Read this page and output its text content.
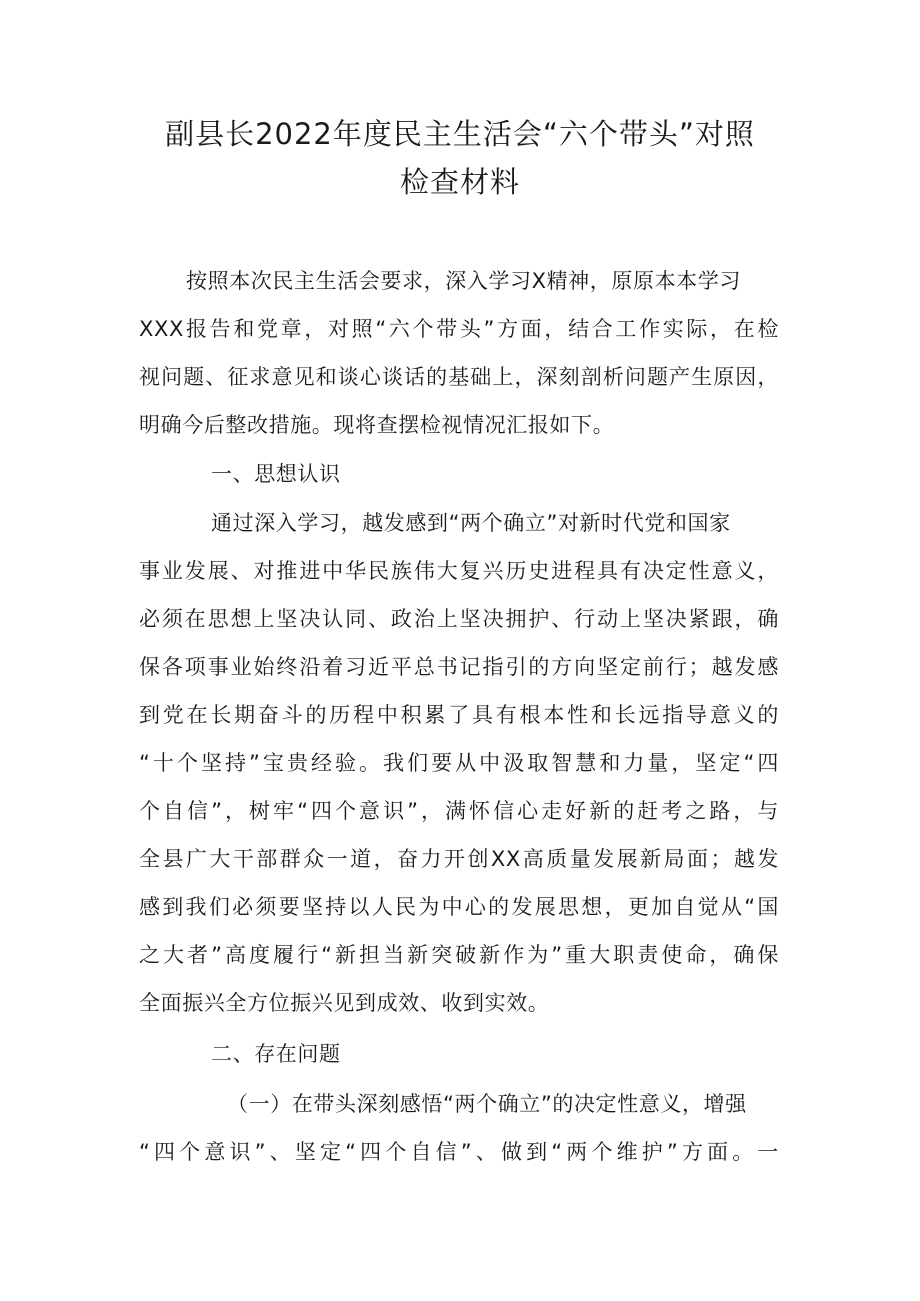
副县长2022年度民主生活会“六个带头”对照
检查材料
按照本次民主生活会要求，深入学习X精神，原原本本学习
XXX报告和党章，对照“六个带头”方面，结合工作实际，在检
视问题、征求意见和谈心谈话的基础上，深刻剖析问题产生原因，
明确今后整改措施。现将查摆检视情况汇报如下。
一、思想认识
通过深入学习，越发感到“两个确立”对新时代党和国家
事业发展、对推进中华民族伟大复兴历史进程具有决定性意义，
必须在思想上坚决认同、政治上坚决拥护、行动上坚决紧跟，确
保各项事业始终沿着习近平总书记指引的方向坚定前行；越发感
到党在长期奋斗的历程中积累了具有根本性和长远指导意义的
“十个坚持”宝贵经验。我们要从中汲取智慧和力量，坚定“四
个自信”，树牢“四个意识”，满怀信心走好新的赶考之路，与
全县广大干部群众一道，奋力开创XX高质量发展新局面；越发
感到我们必须要坚持以人民为中心的发展思想，更加自觉从“国
之大者”高度履行“新担当新突破新作为”重大职责使命，确保
全面振兴全方位振兴见到成效、收到实效。
二、存在问题
（一）在带头深刻感悟“两个确立”的决定性意义，增强
“四个意识”、坚定“四个自信”、做到“两个维护”方面。一
